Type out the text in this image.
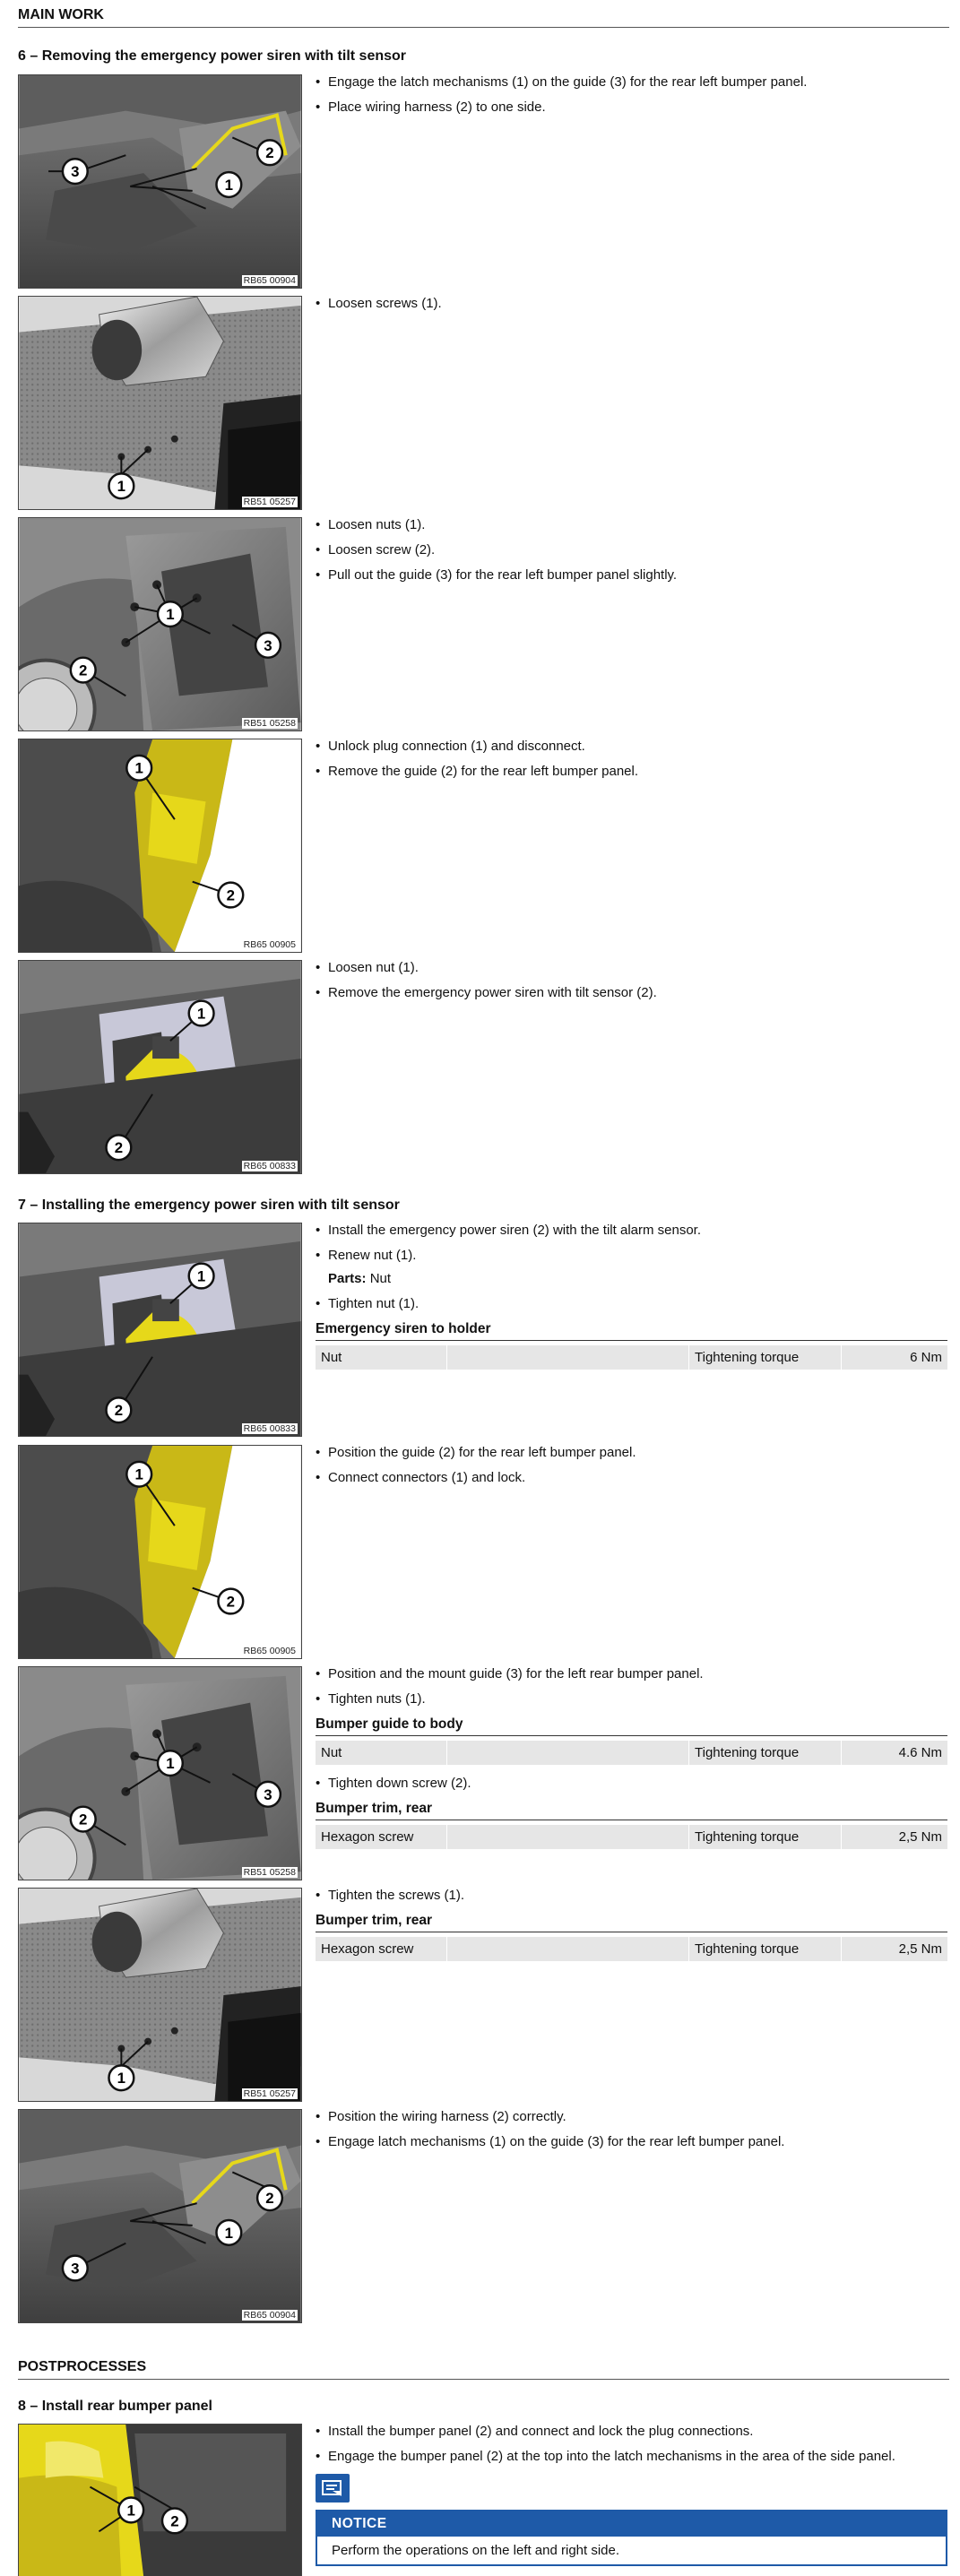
MAIN WORK
6 – Removing the emergency power siren with tilt sensor
1
2
3
RB65 00904
• Engage the latch mechanisms (1) on the guide (3) for the rear left bumper panel.
• Place wiring harness (2) to one side.
1
RB51 05257
• Loosen screws (1).
1
2
3
RB51 05258
• Loosen nuts (1).
• Loosen screw (2).
• Pull out the guide (3) for the rear left bumper panel slightly.
1
2
RB65 00905
• Unlock plug connection (1) and disconnect.
• Remove the guide (2) for the rear left bumper panel.
1
2
RB65 00833
• Loosen nut (1).
• Remove the emergency power siren with tilt sensor (2).
7 – Installing the emergency power siren with tilt sensor
1
2
RB65 00833
• Install the emergency power siren (2) with the tilt alarm sensor.
• Renew nut (1).
Parts: Nut
• Tighten nut (1).
Emergency siren to holder
Nut		Tightening torque	6 Nm
1
2
RB65 00905
• Position the guide (2) for the rear left bumper panel.
• Connect connectors (1) and lock.
1
2
3
RB51 05258
• Position and the mount guide (3) for the left rear bumper panel.
• Tighten nuts (1).
Bumper guide to body
Nut		Tightening torque	4.6 Nm
• Tighten down screw (2).
Bumper trim, rear
Hexagon screw		Tightening torque	2,5 Nm
1
RB51 05257
• Tighten the screws (1).
Bumper trim, rear
Hexagon screw		Tightening torque	2,5 Nm
1
2
3
RB65 00904
• Position the wiring harness (2) correctly.
• Engage latch mechanisms (1) on the guide (3) for the rear left bumper panel.
POSTPROCESSES
8 – Install rear bumper panel
1
2
• Install the bumper panel (2) and connect and lock the plug connections.
• Engage the bumper panel (2) at the top into the latch mechanisms in the area of the side panel.
NOTICE
Perform the operations on the left and right side.
